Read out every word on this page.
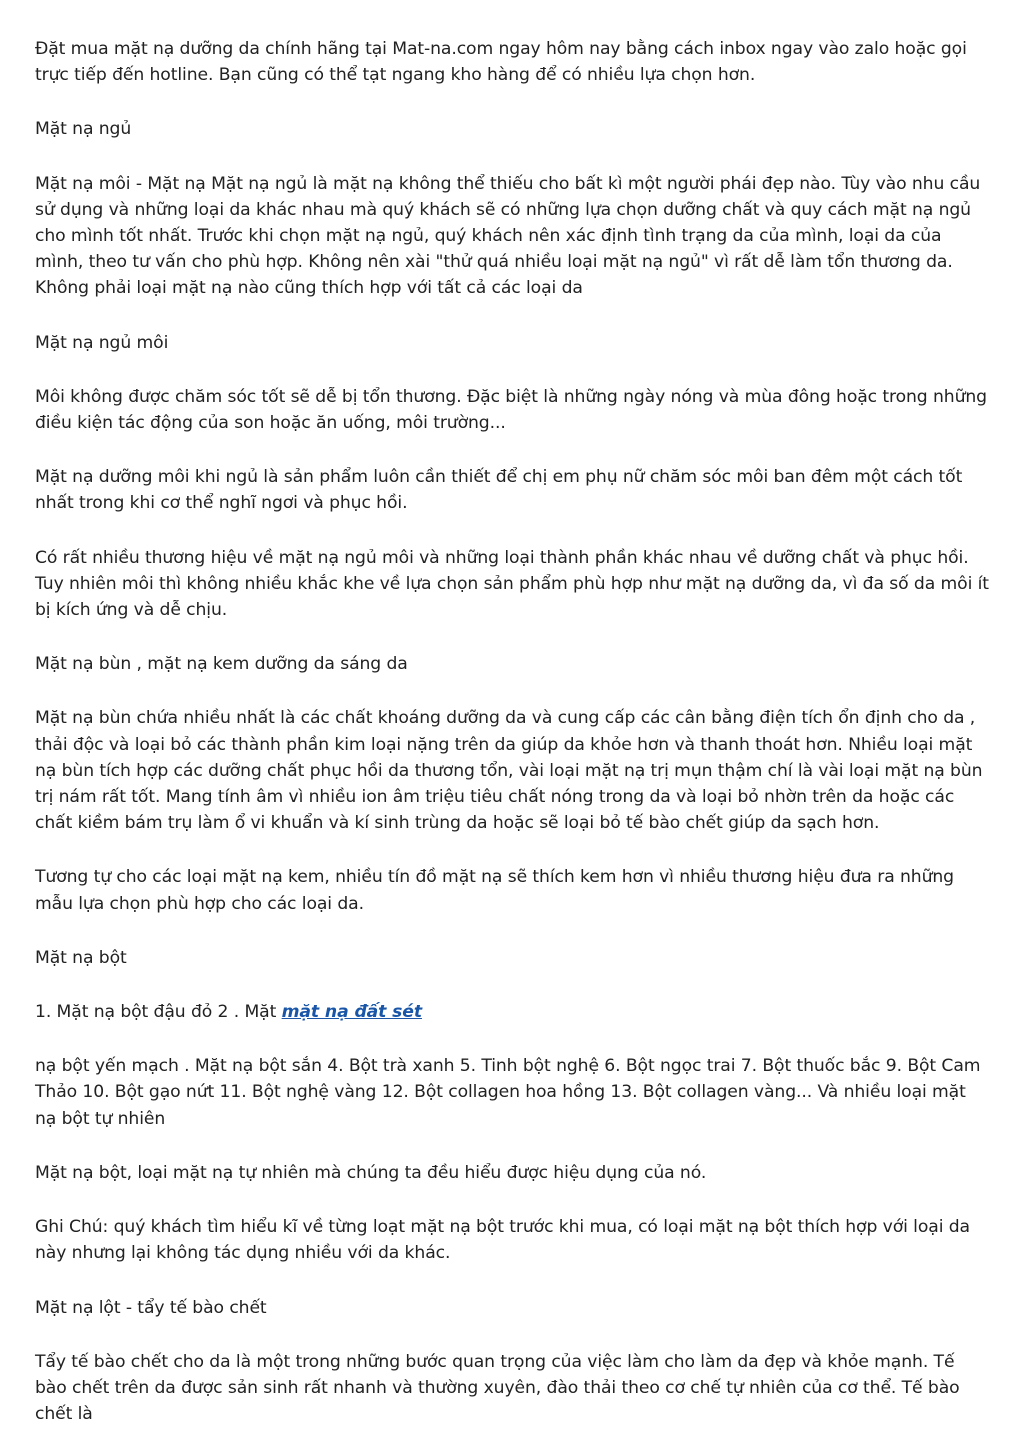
Đặt mua mặt nạ dưỡng da chính hãng tại Mat-na.com ngay hôm nay bằng cách inbox ngay vào zalo hoặc gọi trực tiếp đến hotline. Bạn cũng có thể tạt ngang kho hàng để có nhiều lựa chọn hơn.

Mặt nạ ngủ

Mặt nạ môi - Mặt nạ Mặt nạ ngủ là mặt nạ không thể thiếu cho bất kì một người phái đẹp nào. Tùy vào nhu cầu sử dụng và những loại da khác nhau mà quý khách sẽ có những lựa chọn dưỡng chất và quy cách mặt nạ ngủ cho mình tốt nhất. Trước khi chọn mặt nạ ngủ, quý khách nên xác định tình trạng da của mình, loại da của mình, theo tư vấn cho phù hợp. Không nên xài "thử quá nhiều loại mặt nạ ngủ" vì rất dễ làm tổn thương da. Không phải loại mặt nạ nào cũng thích hợp với tất cả các loại da

Mặt nạ ngủ môi

Môi không được chăm sóc tốt sẽ dễ bị tổn thương. Đặc biệt là những ngày nóng và mùa đông hoặc trong những điều kiện tác động của son hoặc ăn uống, môi trường...

Mặt nạ dưỡng môi khi ngủ là sản phẩm luôn cần thiết để chị em phụ nữ chăm sóc môi ban đêm một cách tốt nhất trong khi cơ thể nghĩ ngơi và phục hồi.

Có rất nhiều thương hiệu về mặt nạ ngủ môi và những loại thành phần khác nhau về dưỡng chất và phục hồi. Tuy nhiên môi thì không nhiều khắc khe về lựa chọn sản phẩm phù hợp như mặt nạ dưỡng da, vì đa số da môi ít bị kích ứng và dễ chịu.

Mặt nạ bùn , mặt nạ kem dưỡng da sáng da

Mặt nạ bùn chứa nhiều nhất là các chất khoáng dưỡng da và cung cấp các cân bằng điện tích ổn định cho da , thải độc và loại bỏ các thành phần kim loại nặng trên da giúp da khỏe hơn và thanh thoát hơn. Nhiều loại mặt nạ bùn tích hợp các dưỡng chất phục hồi da thương tổn, vài loại mặt nạ trị mụn thậm chí là vài loại mặt nạ bùn trị nám rất tốt. Mang tính âm vì nhiều ion âm triệu tiêu chất nóng trong da và loại bỏ nhờn trên da hoặc các chất kiềm bám trụ làm ổ vi khuẩn và kí sinh trùng da hoặc sẽ loại bỏ tế bào chết giúp da sạch hơn.

Tương tự cho các loại mặt nạ kem, nhiều tín đồ mặt nạ sẽ thích kem hơn vì nhiều thương hiệu đưa ra những mẫu lựa chọn phù hợp cho các loại da.

Mặt nạ bột

1. Mặt nạ bột đậu đỏ 2 . Mặt mặt nạ đất sét

nạ bột yến mạch . Mặt nạ bột sắn 4. Bột trà xanh 5. Tinh bột nghệ 6. Bột ngọc trai 7. Bột thuốc bắc 9. Bột Cam Thảo 10. Bột gạo nứt 11. Bột nghệ vàng 12. Bột collagen hoa hồng 13. Bột collagen vàng... Và nhiều loại mặt nạ bột tự nhiên

Mặt nạ bột, loại mặt nạ tự nhiên mà chúng ta đều hiểu được hiệu dụng của nó.

Ghi Chú: quý khách tìm hiểu kĩ về từng loạt mặt nạ bột trước khi mua, có loại mặt nạ bột thích hợp với loại da này nhưng lại không tác dụng nhiều với da khác.

Mặt nạ lột - tẩy tế bào chết

Tẩy tế bào chết cho da là một trong những bước quan trọng của việc làm cho làm da đẹp và khỏe mạnh. Tế bào chết trên da được sản sinh rất nhanh và thường xuyên, đào thải theo cơ chế tự nhiên của cơ thể. Tế bào chết là
